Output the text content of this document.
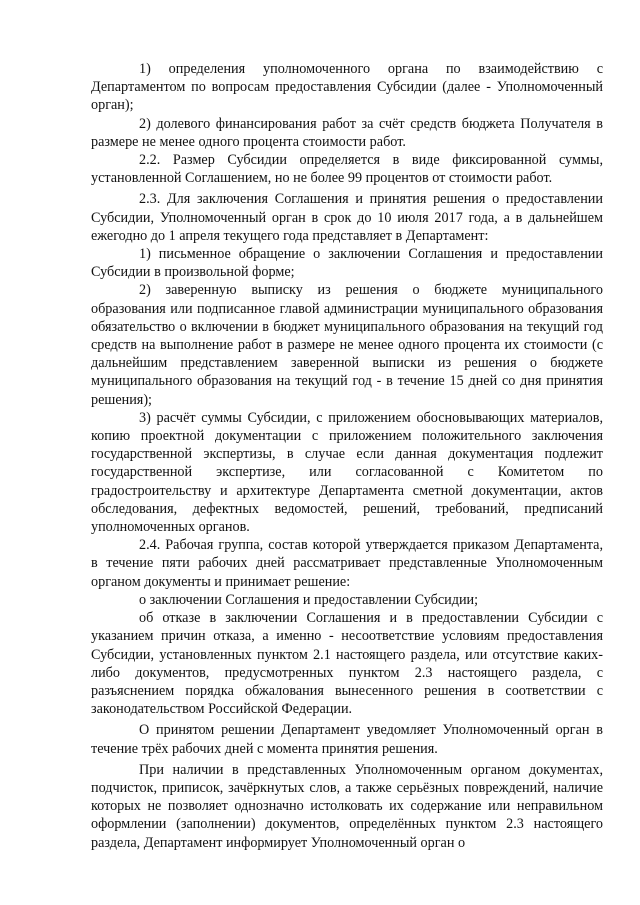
1) определения уполномоченного органа по взаимодействию с Департаментом по вопросам предоставления Субсидии (далее - Уполномоченный орган);

2) долевого финансирования работ за счёт средств бюджета Получателя в размере не менее одного процента стоимости работ.

2.2. Размер Субсидии определяется в виде фиксированной суммы, установленной Соглашением, но не более 99 процентов от стоимости работ.

2.3. Для заключения Соглашения и принятия решения о предоставлении Субсидии, Уполномоченный орган в срок до 10 июля 2017 года, а в дальнейшем ежегодно до 1 апреля текущего года представляет в Департамент:

1) письменное обращение о заключении Соглашения и предоставлении Субсидии в произвольной форме;

2) заверенную выписку из решения о бюджете муниципального образования или подписанное главой администрации муниципального образования обязательство о включении в бюджет муниципального образования на текущий год средств на выполнение работ в размере не менее одного процента их стоимости (с дальнейшим представлением заверенной выписки из решения о бюджете муниципального образования на текущий год - в течение 15 дней со дня принятия решения);

3) расчёт суммы Субсидии, с приложением обосновывающих материалов, копию проектной документации с приложением положительного заключения государственной экспертизы, в случае если данная документация подлежит государственной экспертизе, или согласованной с Комитетом по градостроительству и архитектуре Департамента сметной документации, актов обследования, дефектных ведомостей, решений, требований, предписаний уполномоченных органов.

2.4. Рабочая группа, состав которой утверждается приказом Департамента, в течение пяти рабочих дней рассматривает представленные Уполномоченным органом документы и принимает решение:

о заключении Соглашения и предоставлении Субсидии;

об отказе в заключении Соглашения и в предоставлении Субсидии с указанием причин отказа, а именно - несоответствие условиям предоставления Субсидии, установленных пунктом 2.1 настоящего раздела, или отсутствие каких-либо документов, предусмотренных пунктом 2.3 настоящего раздела, с разъяснением порядка обжалования вынесенного решения в соответствии с законодательством Российской Федерации.

О принятом решении Департамент уведомляет Уполномоченный орган в течение трёх рабочих дней с момента принятия решения.

При наличии в представленных Уполномоченным органом документах, подчисток, приписок, зачёркнутых слов, а также серьёзных повреждений, наличие которых не позволяет однозначно истолковать их содержание или неправильном оформлении (заполнении) документов, определённых пунктом 2.3 настоящего раздела, Департамент информирует Уполномоченный орган о
